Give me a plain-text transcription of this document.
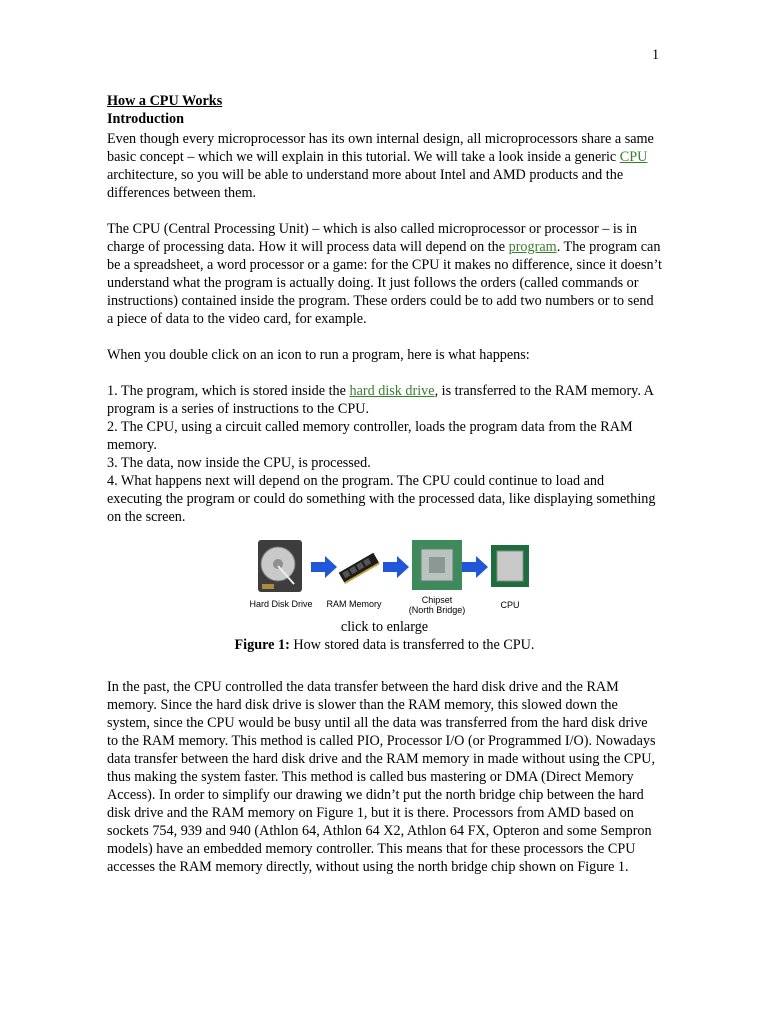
1
How a CPU Works
Introduction

Even though every microprocessor has its own internal design, all microprocessors share a same basic concept – which we will explain in this tutorial. We will take a look inside a generic CPU architecture, so you will be able to understand more about Intel and AMD products and the differences between them.

The CPU (Central Processing Unit) – which is also called microprocessor or processor – is in charge of processing data. How it will process data will depend on the program. The program can be a spreadsheet, a word processor or a game: for the CPU it makes no difference, since it doesn’t understand what the program is actually doing. It just follows the orders (called commands or instructions) contained inside the program. These orders could be to add two numbers or to send a piece of data to the video card, for example.

When you double click on an icon to run a program, here is what happens:

1. The program, which is stored inside the hard disk drive, is transferred to the RAM memory. A program is a series of instructions to the CPU.

2. The CPU, using a circuit called memory controller, loads the program data from the RAM memory.

3. The data, now inside the CPU, is processed.

4. What happens next will depend on the program. The CPU could continue to load and executing the program or could do something with the processed data, like displaying something on the screen.

Hard Disk Drive	RAM Memory	Chipset
(North Bridge)	CPU
click to enlarge
Figure 1: How stored data is transferred to the CPU.

In the past, the CPU controlled the data transfer between the hard disk drive and the RAM memory. Since the hard disk drive is slower than the RAM memory, this slowed down the system, since the CPU would be busy until all the data was transferred from the hard disk drive to the RAM memory. This method is called PIO, Processor I/O (or Programmed I/O). Nowadays data transfer between the hard disk drive and the RAM memory in made without using the CPU, thus making the system faster. This method is called bus mastering or DMA (Direct Memory Access). In order to simplify our drawing we didn’t put the north bridge chip between the hard disk drive and the RAM memory on Figure 1, but it is there. Processors from AMD based on sockets 754, 939 and 940 (Athlon 64, Athlon 64 X2, Athlon 64 FX, Opteron and some Sempron models) have an embedded memory controller. This means that for these processors the CPU accesses the RAM memory directly, without using the north bridge chip shown on Figure 1.
